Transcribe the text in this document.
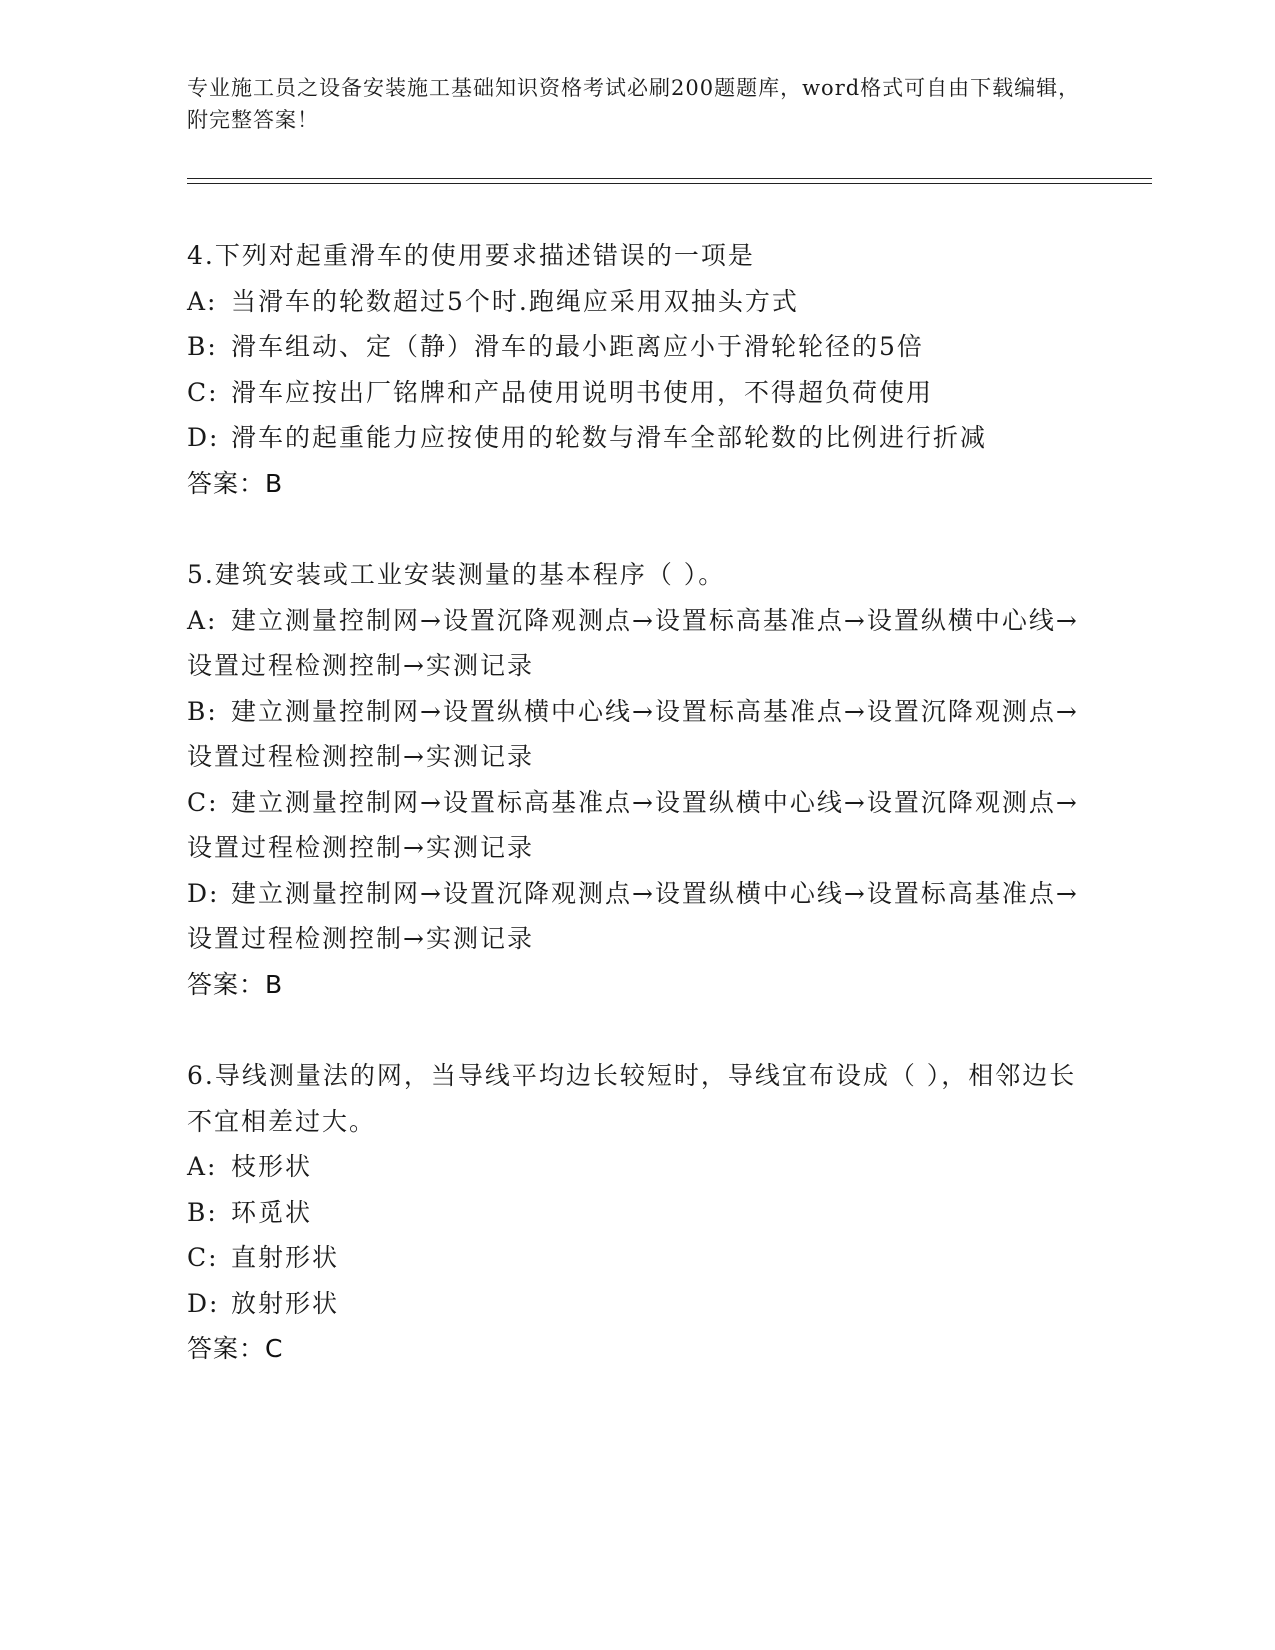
专业施工员之设备安装施工基础知识资格考试必刷200题题库，word格式可自由下载编辑，附完整答案！
4.下列对起重滑车的使用要求描述错误的一项是
A: 当滑车的轮数超过5个时.跑绳应采用双抽头方式
B: 滑车组动、定（静）滑车的最小距离应小于滑轮轮径的5倍
C: 滑车应按出厂铭牌和产品使用说明书使用，不得超负荷使用
D: 滑车的起重能力应按使用的轮数与滑车全部轮数的比例进行折减
答案：B
5.建筑安装或工业安装测量的基本程序（ ）。
A: 建立测量控制网→设置沉降观测点→设置标高基准点→设置纵横中心线→设置过程检测控制→实测记录
B: 建立测量控制网→设置纵横中心线→设置标高基准点→设置沉降观测点→设置过程检测控制→实测记录
C: 建立测量控制网→设置标高基准点→设置纵横中心线→设置沉降观测点→设置过程检测控制→实测记录
D: 建立测量控制网→设置沉降观测点→设置纵横中心线→设置标高基准点→设置过程检测控制→实测记录
答案：B
6.导线测量法的网，当导线平均边长较短时，导线宜布设成（ ），相邻边长不宜相差过大。
A: 枝形状
B: 环觅状
C: 直射形状
D: 放射形状
答案：C
